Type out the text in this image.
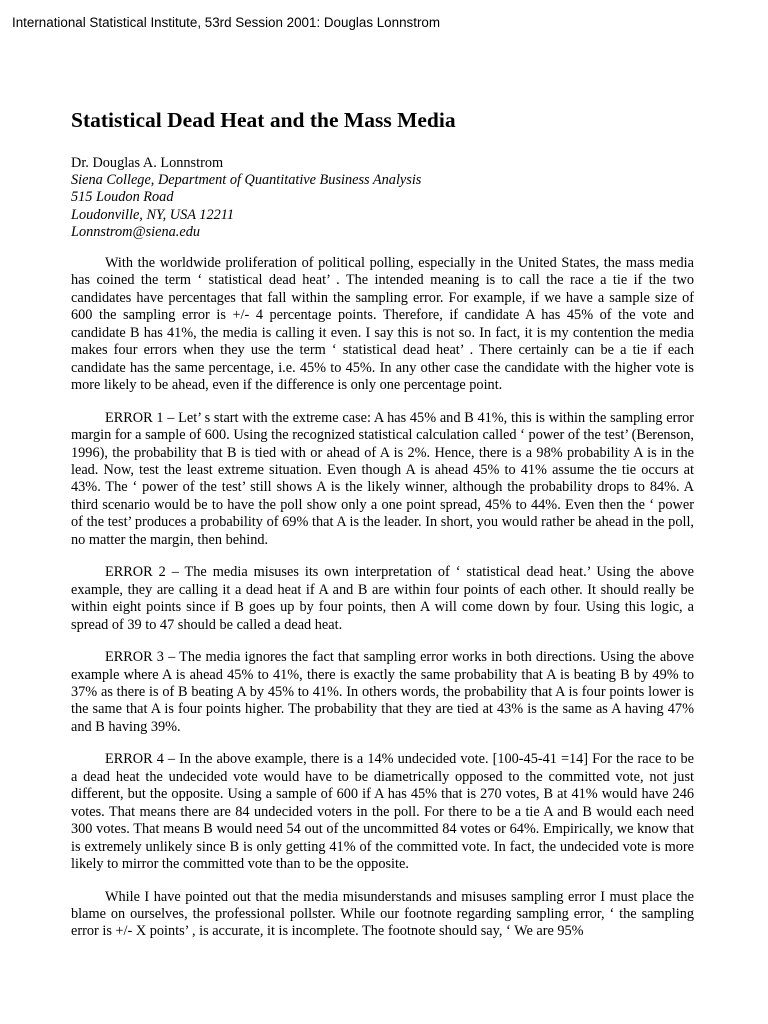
International Statistical Institute, 53rd Session 2001: Douglas Lonnstrom
Statistical Dead Heat and the Mass Media
Dr. Douglas A. Lonnstrom
Siena College, Department of Quantitative Business Analysis
515 Loudon Road
Loudonville, NY, USA 12211
Lonnstrom@siena.edu

With the worldwide proliferation of political polling, especially in the United States, the mass media has coined the term ‘ statistical dead heat’ . The intended meaning is to call the race a tie if the two candidates have percentages that fall within the sampling error. For example, if we have a sample size of 600 the sampling error is +/- 4 percentage points. Therefore, if candidate A has 45% of the vote and candidate B has 41%, the media is calling it even. I say this is not so. In fact, it is my contention the media makes four errors when they use the term ‘ statistical dead heat’ . There certainly can be a tie if each candidate has the same percentage, i.e. 45% to 45%. In any other case the candidate with the higher vote is more likely to be ahead, even if the difference is only one percentage point.

ERROR 1 – Let’ s start with the extreme case: A has 45% and B 41%, this is within the sampling error margin for a sample of 600. Using the recognized statistical calculation called ‘ power of the test’ (Berenson, 1996), the probability that B is tied with or ahead of A is 2%. Hence, there is a 98% probability A is in the lead. Now, test the least extreme situation. Even though A is ahead 45% to 41% assume the tie occurs at 43%. The ‘ power of the test’ still shows A is the likely winner, although the probability drops to 84%. A third scenario would be to have the poll show only a one point spread, 45% to 44%. Even then the ‘ power of the test’ produces a probability of 69% that A is the leader. In short, you would rather be ahead in the poll, no matter the margin, then behind.

ERROR 2 – The media misuses its own interpretation of ‘ statistical dead heat.’ Using the above example, they are calling it a dead heat if A and B are within four points of each other. It should really be within eight points since if B goes up by four points, then A will come down by four. Using this logic, a spread of 39 to 47 should be called a dead heat.

ERROR 3 – The media ignores the fact that sampling error works in both directions. Using the above example where A is ahead 45% to 41%, there is exactly the same probability that A is beating B by 49% to 37% as there is of B beating A by 45% to 41%. In others words, the probability that A is four points lower is the same that A is four points higher. The probability that they are tied at 43% is the same as A having 47% and B having 39%.

ERROR 4 – In the above example, there is a 14% undecided vote. [100-45-41 =14] For the race to be a dead heat the undecided vote would have to be diametrically opposed to the committed vote, not just different, but the opposite. Using a sample of 600 if A has 45% that is 270 votes, B at 41% would have 246 votes. That means there are 84 undecided voters in the poll. For there to be a tie A and B would each need 300 votes. That means B would need 54 out of the uncommitted 84 votes or 64%. Empirically, we know that is extremely unlikely since B is only getting 41% of the committed vote. In fact, the undecided vote is more likely to mirror the committed vote than to be the opposite.

While I have pointed out that the media misunderstands and misuses sampling error I must place the blame on ourselves, the professional pollster. While our footnote regarding sampling error, ‘ the sampling error is +/- X points’ , is accurate, it is incomplete. The footnote should say, ‘ We are 95%
